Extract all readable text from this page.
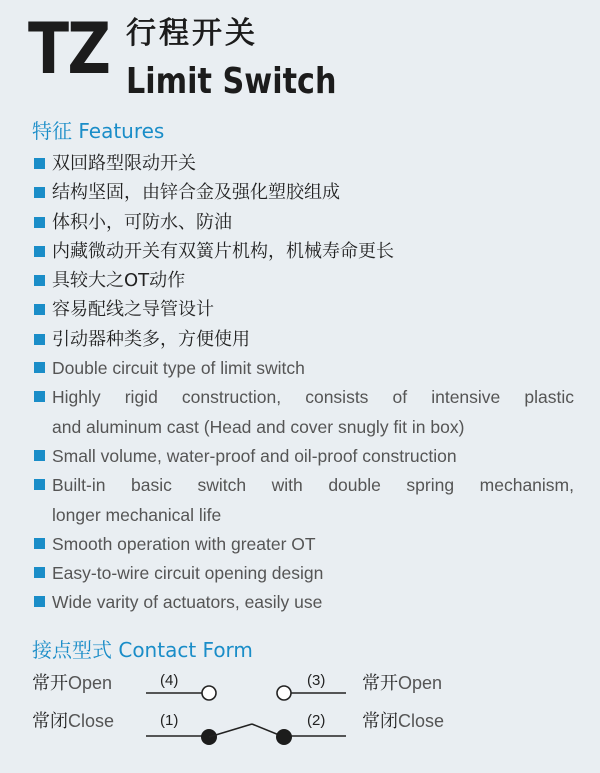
TZ 行程开关
Limit Switch
特征 Features
双回路型限动开关
结构坚固，由锌合金及强化塑胶组成
体积小，可防水、防油
内藏微动开关有双簧片机构，机械寿命更长
具较大之OT动作
容易配线之导管设计
引动器种类多，方便使用
Double circuit type of limit switch
Highly rigid construction, consists of intensive plastic
and aluminum cast (Head and cover snugly fit in box)
Small volume, water-proof and oil-proof construction
Built-in basic switch with double spring mechanism,
longer mechanical life
Smooth operation with greater OT
Easy-to-wire circuit opening design
Wide varity of actuators, easily use
接点型式 Contact Form
常开Open
常闭Close
常开Open
常闭Close
(4)	(3)
(1)	(2)
